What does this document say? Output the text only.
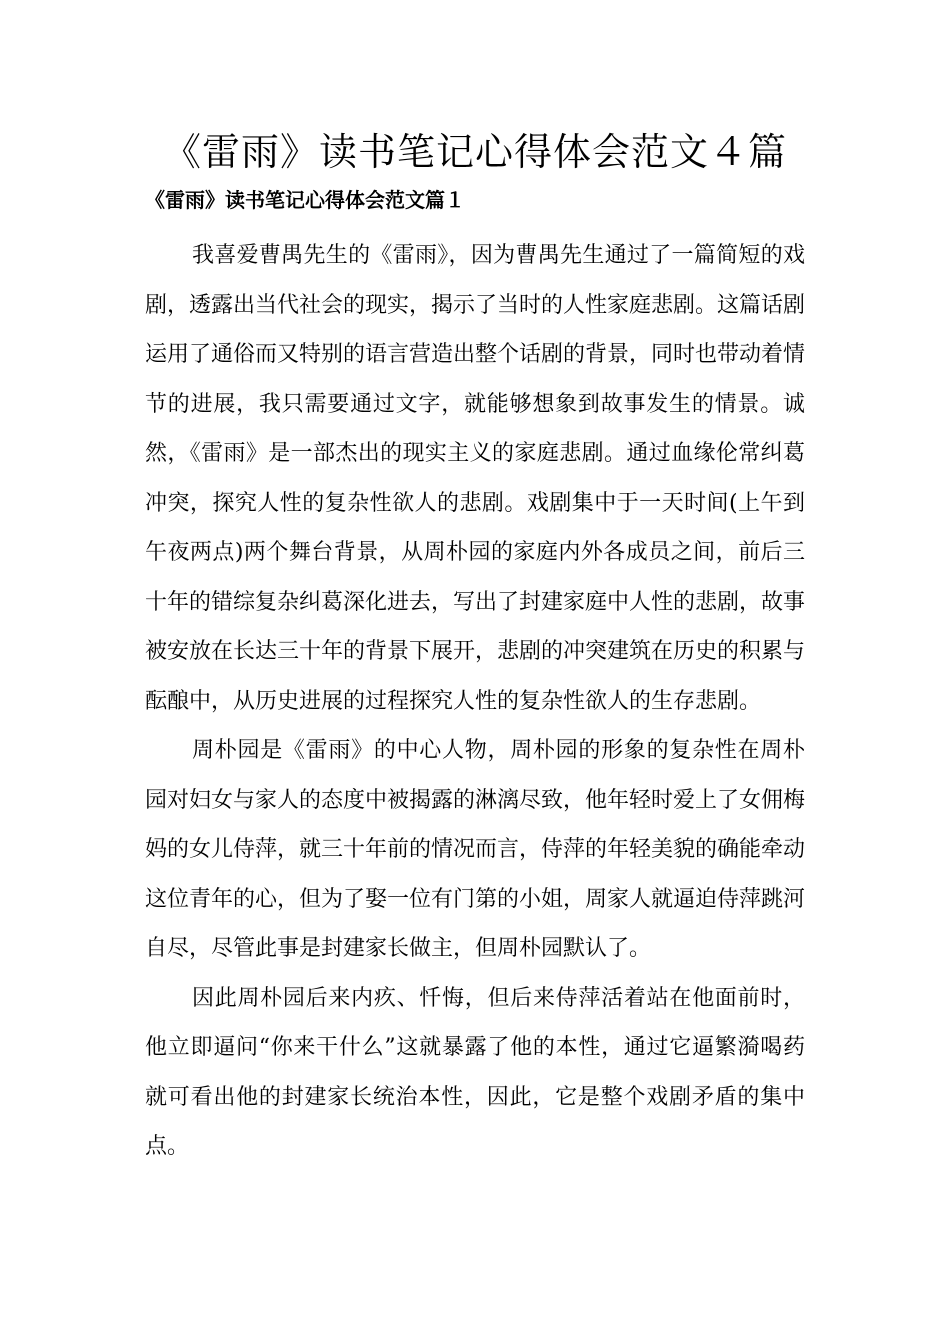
《雷雨》读书笔记心得体会范文４篇
《雷雨》读书笔记心得体会范文篇１

我喜爱曹禺先生的《雷雨》，因为曹禺先生通过了一篇简短的戏剧，透露出当代社会的现实，揭示了当时的人性家庭悲剧。这篇话剧运用了通俗而又特别的语言营造出整个话剧的背景，同时也带动着情节的进展，我只需要通过文字，就能够想象到故事发生的情景。诚然，《雷雨》是一部杰出的现实主义的家庭悲剧。通过血缘伦常纠葛冲突，探究人性的复杂性欲人的悲剧。戏剧集中于一天时间(上午到午夜两点)两个舞台背景，从周朴园的家庭内外各成员之间，前后三十年的错综复杂纠葛深化进去，写出了封建家庭中人性的悲剧，故事被安放在长达三十年的背景下展开，悲剧的冲突建筑在历史的积累与酝酿中，从历史进展的过程探究人性的复杂性欲人的生存悲剧。

周朴园是《雷雨》的中心人物，周朴园的形象的复杂性在周朴园对妇女与家人的态度中被揭露的淋漓尽致，他年轻时爱上了女佣梅妈的女儿侍萍，就三十年前的情况而言，侍萍的年轻美貌的确能牵动这位青年的心，但为了娶一位有门第的小姐，周家人就逼迫侍萍跳河自尽，尽管此事是封建家长做主，但周朴园默认了。

因此周朴园后来内疚、忏悔，但后来侍萍活着站在他面前时，他立即逼问“你来干什么”这就暴露了他的本性，通过它逼繁漪喝药就可看出他的封建家长统治本性，因此，它是整个戏剧矛盾的集中点。
